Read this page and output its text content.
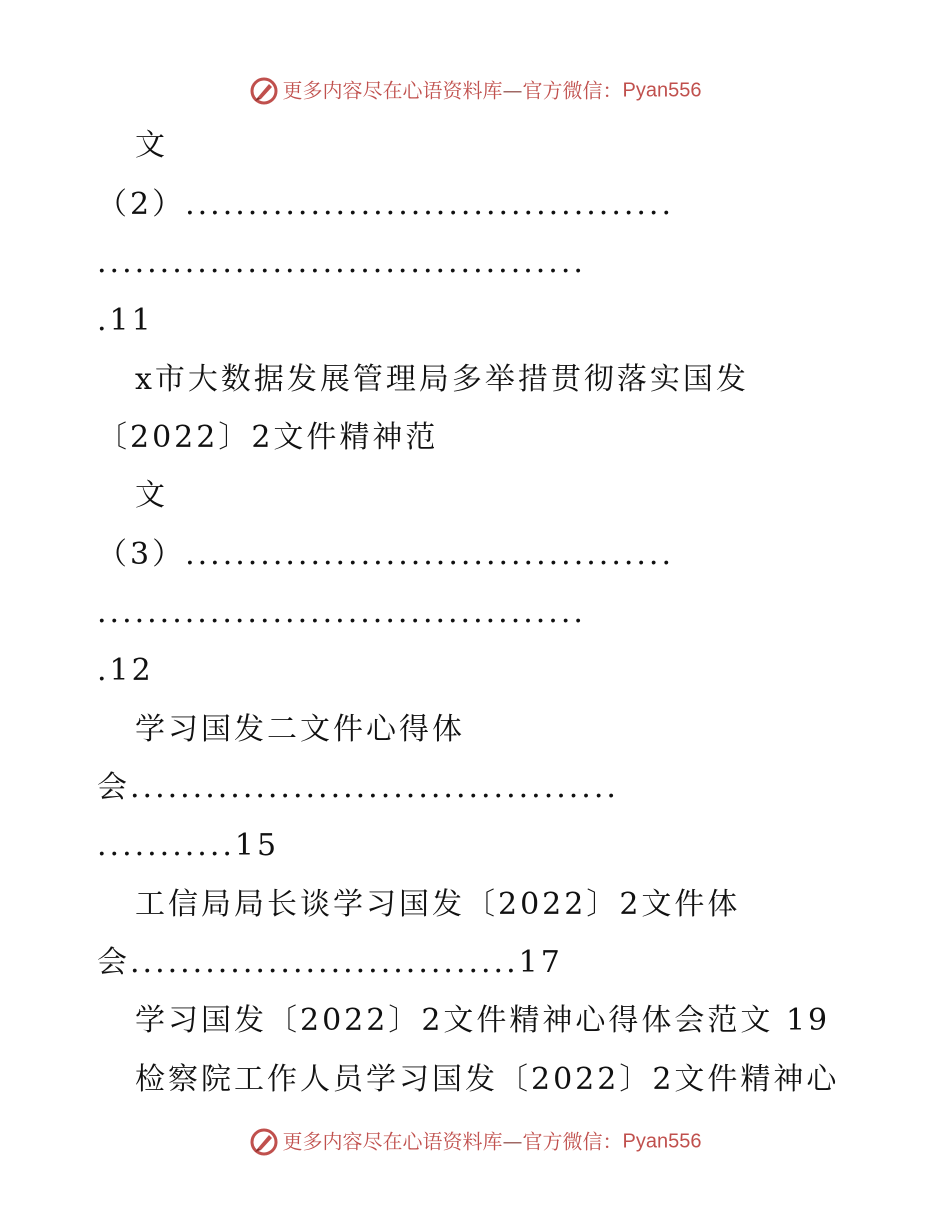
更多内容尽在心语资料库—官方微信：Pyan556
文
（2）.......................................
.......................................
.11
x市大数据发展管理局多举措贯彻落实国发
〔2022〕2文件精神范
文
（3）.......................................
.......................................
.12
学习国发二文件心得体
会.......................................
...........15
工信局局长谈学习国发〔2022〕2文件体
会...............................17
学习国发〔2022〕2文件精神心得体会范文 19
检察院工作人员学习国发〔2022〕2文件精神心
更多内容尽在心语资料库—官方微信：Pyan556
